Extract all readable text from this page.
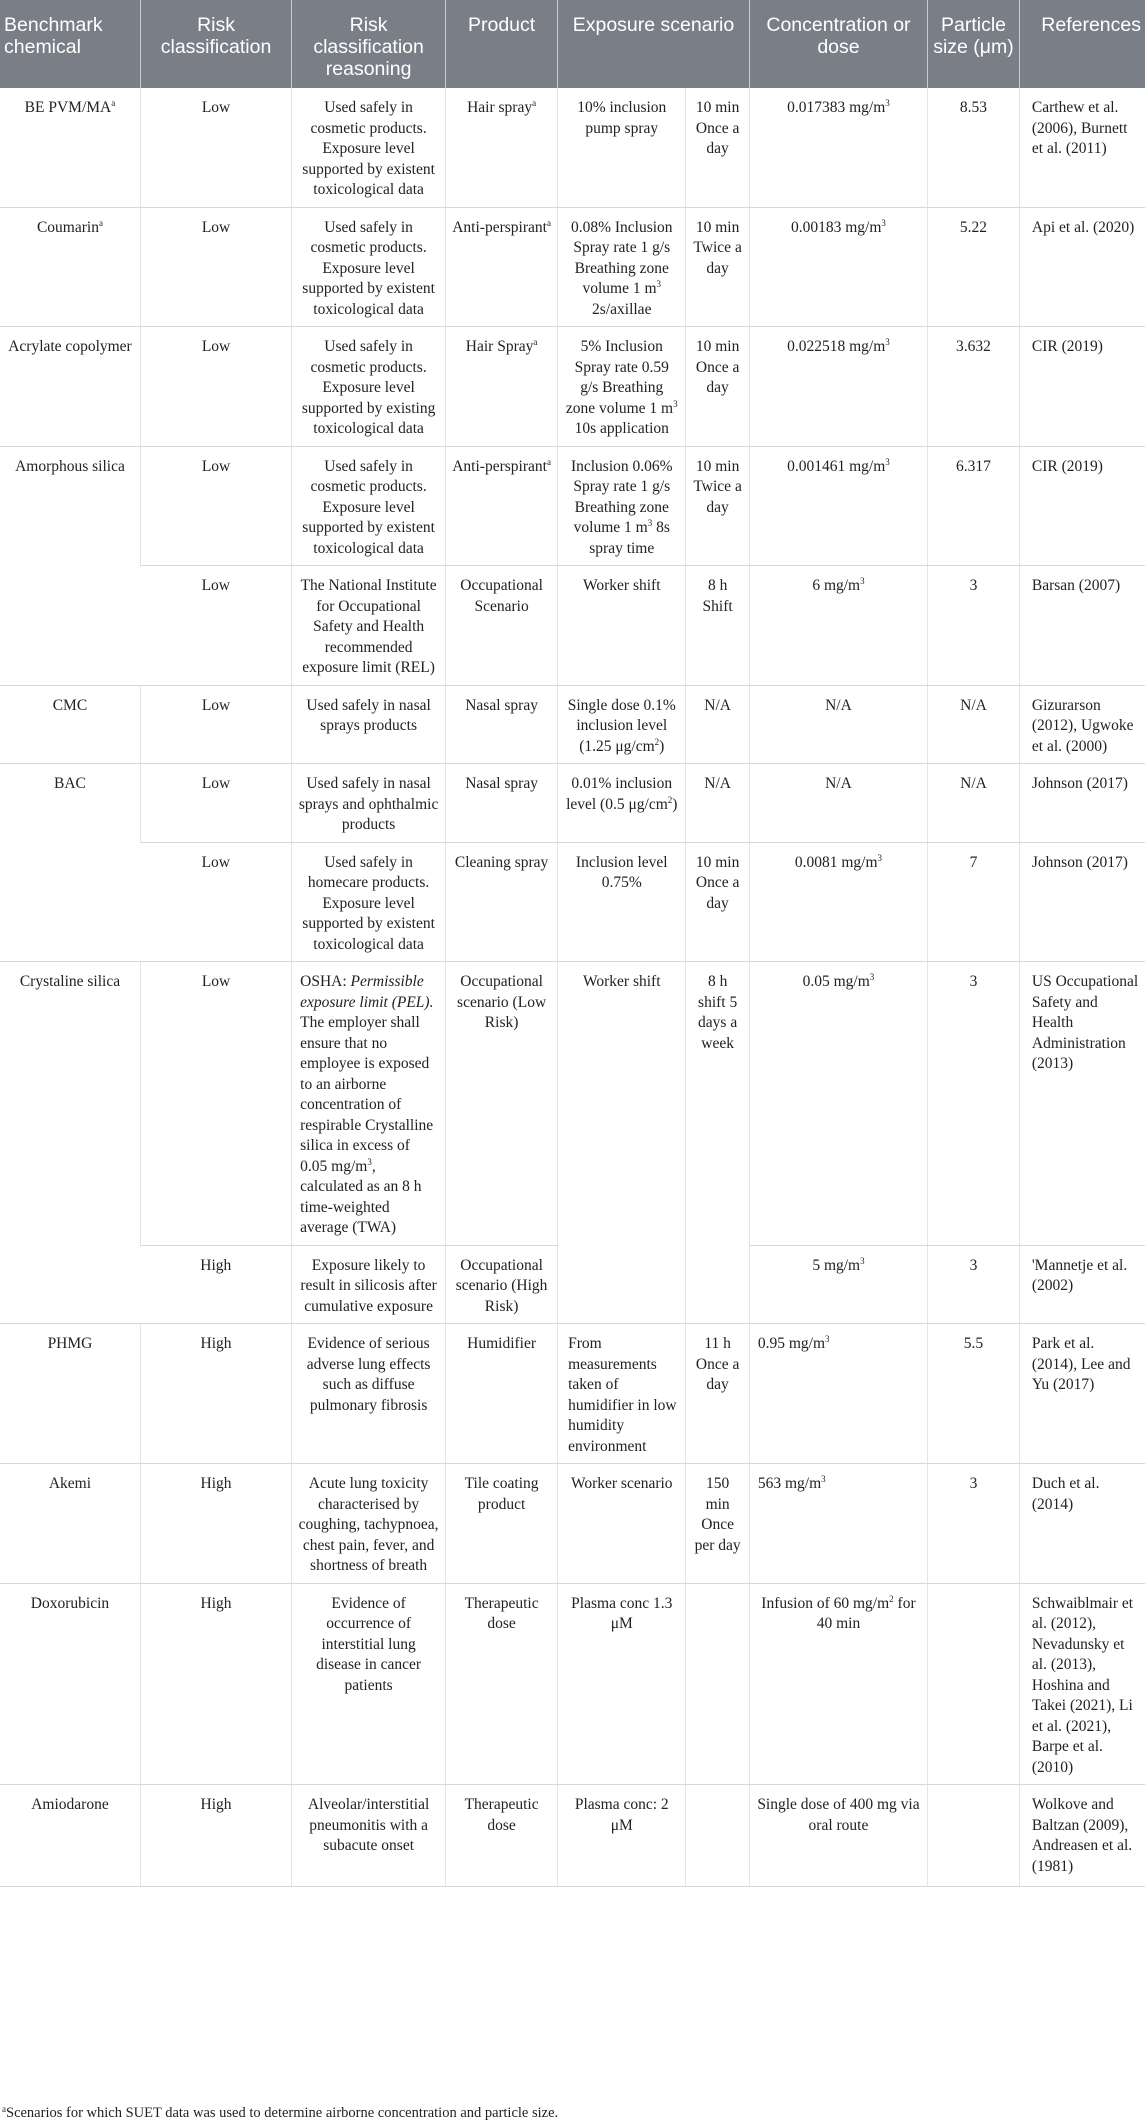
Benchmark chemical	Risk classification	Risk classification reasoning	Product	Exposure scenario		Concentration or dose	Particle size (μm)	References
BE PVM/$MA^a$	Low	Used safely in cosmetic products. Exposure level supported by existent toxicological data	Hair spray$^a$	10% inclusion pump spray	10 min Once a day	0.017383 $mg/m^3$	8.53	Carthew et al. (2006), Burnett et al. (2011)
Coumarin$^a$	Low	Used safely in cosmetic products. Exposure level supported by existent toxicological data	Anti-perspirant$^a$	0.08% Inclusion Spray rate 1 g/s Breathing zone volume 1 $m^3$ 2s/axillae	10 min Twice a day	0.00183 $mg/m^3$	5.22	Api et al. (2020)
Acrylate copolymer	Low	Used safely in cosmetic products. Exposure level supported by existing toxicological data	Hair Spray$^a$	5% Inclusion Spray rate 0.59 g/s Breathing zone volume 1 $m^3$ 10s application	10 min Once a day	0.022518 $mg/m^3$	3.632	CIR (2019)
Amorphous silica	Low	Used safely in cosmetic products. Exposure level supported by existent toxicological data	Anti-perspirant$^a$	Inclusion 0.06% Spray rate 1 g/s Breathing zone volume 1 $m^3$ 8s spray time	10 min Twice a day	0.001461 $mg/m^3$	6.317	CIR (2019)
	Low	The National Institute for Occupational Safety and Health recommended exposure limit (REL)	Occupational Scenario	Worker shift	8 h Shift	6 $mg/m^3$	3	Barsan (2007)
CMC	Low	Used safely in nasal sprays products	Nasal spray	Single dose 0.1% inclusion level (1.25 $\mu g/cm^2$)	N/A	N/A	N/A	Gizurarson (2012), Ugwoke et al. (2000)
BAC	Low	Used safely in nasal sprays and ophthalmic products	Nasal spray	0.01% inclusion level (0.5 $\mu g/cm^2$)	N/A	N/A	N/A	Johnson (2017)
	Low	Used safely in homecare products. Exposure level supported by existent toxicological data	Cleaning spray	Inclusion level 0.75%	10 min Once a day	0.0081 $mg/m^3$	7	Johnson (2017)
Crystaline silica	Low	OSHA: Permissible exposure limit (PEL). The employer shall ensure that no employee is exposed to an airborne concentration of respirable Crystalline silica in excess of 0.05 $mg/m^3$, calculated as an 8 h time-weighted average (TWA)	Occupational scenario (Low Risk)	Worker shift	8 h shift 5 days a week	0.05 $mg/m^3$	3	US Occupational Safety and Health Administration (2013)
	High	Exposure likely to result in silicosis after cumulative exposure	Occupational scenario (High Risk)			5 $mg/m^3$	3	'Mannetje et al. (2002)
PHMG	High	Evidence of serious adverse lung effects such as diffuse pulmonary fibrosis	Humidifier	From measurements taken of humidifier in low humidity environment	11 h Once a day	0.95 $mg/m^3$	5.5	Park et al. (2014), Lee and Yu (2017)
Akemi	High	Acute lung toxicity characterised by coughing, tachypnoea, chest pain, fever, and shortness of breath	Tile coating product	Worker scenario	150 min Once per day	563 $mg/m^3$	3	Duch et al. (2014)
Doxorubicin	High	Evidence of occurrence of interstitial lung disease in cancer patients	Therapeutic dose	Plasma conc 1.3 μM		Infusion of 60 $mg/m^2$ for 40 min		Schwaiblmair et al. (2012), Nevadunsky et al. (2013), Hoshina and Takei (2021), Li et al. (2021), Barpe et al. (2010)
Amiodarone	High	Alveolar/interstitial pneumonitis with a subacute onset	Therapeutic dose	Plasma conc: 2 μM		Single dose of 400 mg via oral route		Wolkove and Baltzan (2009), Andreasen et al. (1981)
$^a$Scenarios for which SUET data was used to determine airborne concentration and particle size.
